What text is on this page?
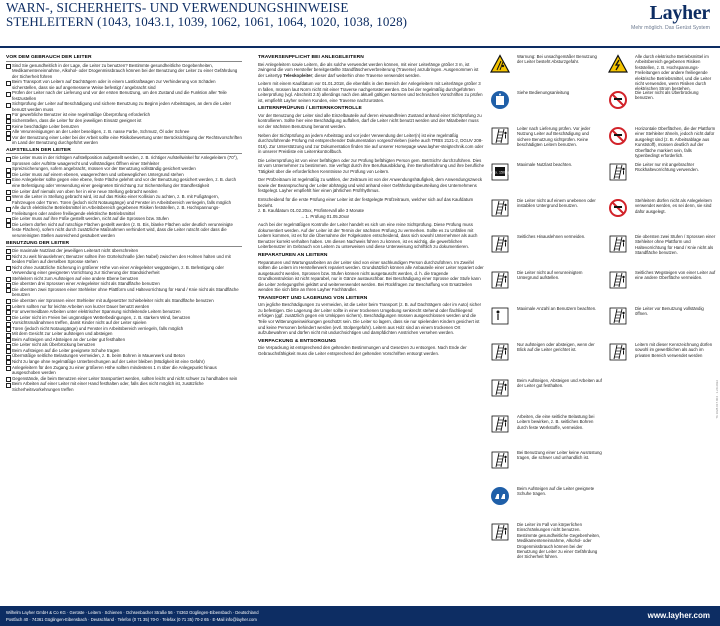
WARN-, SICHERHEITS- UND VERWENDUNGSHINWEISE
STEHLEITERN (1043, 1043.1, 1039, 1062, 1061, 1064, 1020, 1038, 1028)	Layher
Mehr möglich. Das Gerüst System
VOR DEM GEBRAUCH DER LEITER
Sind Sie gesundheitlich in der Lage, die Leiter zu benutzen? Bestimmte gesundheitliche Gegebenheiten, Medikamenteneinnahme, Alkohol- oder Drogenmissbrauch können bei der Benutzung der Leiter zu einer Gefährdung der Sicherheit führen
Beim Transport von Leitern auf Dachträgern oder in einem Lastkraftwagen zur Verhinderung von Schäden sicherstellen, dass sie auf angemessene Weise befestigt / angebracht sind
Prüfen der Leiter nach der Lieferung und vor der ersten Benutzung, um den Zustand und die Funktion aller Teile festzustellen
Sichtprüfung der Leiter auf Beschädigung und sichere Benutzung zu Beginn jeden Arbeitstages, an dem die Leiter benutzt werden muss
Für gewerbliche Benutzer ist eine regelmäßige Überprüfung erforderlich
Sicherstellen, dass die Leiter für den jeweiligen Einsatz geeignet ist
Keine beschädigte Leiter benutzen
Alle Verunreinigungen an der Leiter beseitigen, z. B. nasse Farbe, Schmutz, Öl oder Schnee
Vor der Benutzung einer Leiter bei der Arbeit sollte eine Risikobewertung unter Berücksichtigung der Rechtsvorschriften im Land der Benutzung durchgeführt werden
AUFSTELLEN DER LEITER
Die Leiter muss in der richtigen Aufstellposition aufgestellt werden, z. B. richtiger Aufstellwinkel für Anlegeleitern (70°), Sprossen oder Auftritte waagerecht und vollständiges Öffnen einer Stehleiter
Spreizsicherungen, sofern angebracht, müssen vor der Benutzung vollständig gesichert werden
Die Leiter muss auf einem ebenen, waagerechten und unbeweglichen Untergrund stehen
Eine Anlegeleiter sollte gegen eine ebene, feste Fläche gelehnt und vor der Benutzung gesichert werden, z. B. durch eine Befestigung oder Verwendung einer geeigneten Einrichtung zur Sicherstellung der Standfestigkeit
Die Leiter darf niemals von oben her in eine neue Stellung gebracht werden
Wenn die Leiter in Stellung gebracht wird, ist auf das Risiko einer Kollision zu achten, z. B. mit Fußgängern, Fahrzeugen oder Türen. Türen (jedoch nicht Notausgänge) und Fenster im Arbeitsbereich verriegeln, falls möglich
Alle durch elektrische Betriebsmittel im Arbeitsbereich gegebenen Risiken feststellen, z. B. Hochspannungs-Freileitungen oder andere freiliegende elektrische Betriebsmittel
Die Leiter muss auf ihre Füße gestellt werden, nicht auf die Sprossen bzw. Stufen
Die Leitern dürfen nicht auf rutschige Flächen gestellt werden (z. B. Eis, blanke Flächen oder deutlich verunreinigte feste Flächen), sofern nicht durch zusätzliche Maßnahmen verhindert wird, dass die Leiter rutscht oder dass die verunreinigten Stellen ausreichend gesäubert werden
BENUTZUNG DER LEITER
Die maximale Nutzlast der jeweiligen Leiterart nicht überschreiten
Nicht zu weit hinauslehnen; Benutzer sollten ihre Gürtelschnalle (den Nabel) zwischen den Holmen halten und mit beiden Füßen auf derselben Sprosse stehen
Nicht ohne zusätzliche Sicherung in größerer Höhe von einer Anlegeleiter weggsteigen, z. B. Befestigung oder Verwendung einer geeigneten Vorrichtung zur Sicherung der Standsicherheit
Stehleitern nicht zum Aufsteigen auf eine andere Ebene benutzen
Die obersten drei Sprossen einer Anlegeleiter nicht als Standfläche benutzen
Die obersten zwei Sprossen einer Stehleiter ohne Plattform und Haltevorrichtung für Hand / Knie nicht als Standfläche benutzen
Die obersten vier Sprossen einer Stehleiter mit aufgesetzter Schiebeleiter nicht als Standfläche benutzen
Leitern sollten nur für leichte Arbeiten von kurzer Dauer benutzt werden
Für unvermeidbare Arbeiten unter elektrischer Spannung nichtleitende Leitern benutzen
Die Leiter nicht im Freien bei ungünstigen Wetterbedingungen, z. B. starkem Wind, benutzen
Vorsichtsmaßnahmen treffen, damit Kinder nicht auf der Leiter spielen
Türen (jedoch nicht Notausgänge) und Fenster im Arbeitsbereich verriegeln, falls möglich
Mit dem Gesicht zur Leiter aufsteigen und absteigen
Beim Aufsteigen und Absteigen an der Leiter gut festhalten
Die Leiter nicht als Überbrückung benutzen
Beim Aufsteigen auf die Leiter geeignete Schuhe tragen
Übermäßige seitliche Belastungen vermeiden, z. B. beim Bohren in Mauerwerk und Beton
Nicht zu lange ohne regelmäßige Unterbrechungen auf der Leiter bleiben (Müdigkeit ist eine Gefahr)
Anlegeleitern für den Zugang zu einer größeren Höhe sollten mindestens 1 m über die Anlegepunkt hinaus ausgeschoben werden
Gegenstände, die beim Benutzen einer Leiter transportiert werden, sollten leicht und nicht schwer zu handhaben sein
Beim Arbeiten auf einer Leiter mit einer Hand festhalten oder, falls dies nicht möglich ist, zusätzliche Sicherheitsvorkehrungen treffen
TRAVERSENPFLICHT BEI ANLEGELEITERN
Bei Anlegeleitern sowie Leitern, die als solche verwendet werden können, mit einer Leiterlänge größer 3 m, ist zwingend die vom Hersteller bereitgestellte Standfläschenverbreiterung (Traverse) anzubringen. Ausgenommen ist der Leitertyp Teleskopleiter; dieser darf weiterhin ohne Traverse verwendet werden.
Leitern mit einem Kaufdatum vor 01.01.2018, die ebenfalls in den Bereich der Anlegeleitern mit Leiterlänge größer 3 m fallen, müssen laut Norm nicht mit einer Traverse nachgerüstet werden. Da bei der regelmäßig durchgeführten Leiterprüfung (vgl. Abschnitt 2.5) allerdings nach den aktuell gültigen Normen und technischen Vorschriften zu prüfen ist, empfiehlt Layher seinen Kunden, eine Traverse nachzurüsten.
LEITERNPRÜFUNG / LEITERNKONTROLLE
Vor der Benutzung der Leiter sind alle Einzelbauteile auf deren einwandfreien Zustand anhand einer Sichtprüfung zu kontrollieren. Sollte hier eine Beschädigung auffallen, darf die Leiter nicht benutzt werden und der Mitarbeiter muss vor der nächsten Benutzung benannt werden.
Neben der Sichtprüfung an jedem Arbeitstag und vor jeder Verwendung der Leiter(n) ist eine regelmäßig durchzuführende Prüfung mit entsprechender Dokumentation vorgeschrieben (siehe auch TRBS 2121-2, DGUV 208-016). Zur Unterstützung und zur Dokumentation finden Sie auf unserer Homepage www.layher-steigtechnik.com oder in unserer Preisliste ein Leiternkontrollbuch.
Die Leiternprüfung ist von einer befähigten oder zur Prüfung befähigten Person gem. BetrSichV durchzuführen. Dies ist vom Unternehmer zu bestimmen. Sie verfügt durch ihre Berufsausbildung, ihre Berufserfahrung und ihre berufliche Tätigkeit über die erforderlichen Kenntnisse zur Prüfung von Leitern.
Der Prüfzeitraum ist regelmäßig zu wählen, der Zeitraum ist von der Anwendungshäufigkeit, dem Anwendungszweck sowie der Beanspruchung der Leiter abhängig und wird anhand einer Gefährdungsbeurteilung des Unternehmens festgelegt. Layher empfiehlt hier einen jährlichen Prüfrhythmus.
Entscheidend für die erste Prüfung einer Leiter ist der festgelegte Prüfzeitraum, welcher sich auf das Kaufdatum bezieht.
z. B. Kaufdatum 01.02.20xx, Prüfintervall alle 3 Monate
→ 1. Prüfung 01.05.20xx!
Auch bei der regelmäßigen Kontrolle der Leiter handelt es sich um eine reine Sichtprüfung. Diese Prüfung muss dokumentiert werden. Auf der Leiter ist der Termin der nächsten Prüfung zu vermerken. Sollte es zu Unfällen mit Leitern kommen, ist es für die Übernahme der Folgekosten entscheidend, dass sich sowohl Unternehmer als auch Benutzer korrekt verhalten haben. Um diesen Nachweis führen zu können, ist es wichtig, die gewerblichen Leiterbenutzer im Gebrauch von Leitern zu unterweisen und diese Unterweisung schriftlich zu dokumentieren.
REPARATUREN AN LEITERN
Reparaturen und Wartungsarbeiten an der Leiter sind von einer sachkundigen Person durchzuführen. Im Zweifel sollten die Leitern im Herstellerwerk repariert werden. Grundsätzlich können alle Anbauteile einer Leiter repariert oder ausgetauscht werden, Sprossen bzw. Stufen können nicht ausgetauscht werden, d. h. die tragende Grundkonstruktion ist nicht reparabel, nur in Gänze austauschbar. Bei Beschädigung einer Sprosse oder Stufe kann die Leiter zerlegungsfrei geklärt und weiterverwendet werden. Bei Rückfragen zur Beschaffung von Ersatzteilen wenden Sie sich bitte an Ihren Layher Fachhändler.
TRANSPORT UND LAGERUNG VON LEITERN
Um jegliche Beschädigungen zu vermeiden, ist die Leiter beim Transport (z. B. auf Dachträgern oder im Auto) sicher zu befestigen. Die Lagerung der Leiter sollte in einer trockenen Umgebung senkrecht stehend oder flachliegend erfolgen (ggf. zusätzlich gegen ein Umkippen sichern). Beschädigungen müssen ausgeschlossen werden und die Teile vor Witterungseinwirkungen geschützt sein. Die Leiter so lagern, dass sie nur spielenden Kindern gesichert ist und keine Personen behindert werden (evtl. Stolpergefahr). Leitern aus Holz sind an einem trockenen Ort aufzubewahren und dürfen nicht mit undurchsichtigen und dampfdichten Anstrichen versehen werden.
VERPACKUNG & ENTSORGUNG
Die Verpackung ist entsprechend den geltenden Bestimmungen und Gesetzen zu entsorgen. Nach Ende der Gebrauchsfähigkeit muss die Leiter entsprechend der geltenden Vorschriften entsorgt werden.
Warnung: Bei unsachgemäßer Benutzung der Leiter besteht Absturzgefahr.
Siehe Bedienungsanleitung
Leiter nach Lieferung prüfen. Vor jeder Nutzung Leiter auf Beschädigung und sichere Benutzung sichtprüfen. Keine beschädigten Leitern benutzen.
max. 150 kg
Maximale Nutzlast beachten.
Die Leiter nicht auf einem unebenen oder instabilen Untergrund benutzen.
Seitliches Hinauslehnen vermeiden.
Die Leiter nicht auf verunreinigtem Untergrund aufstellen.
Maximale Anzahl an Benutzern beachten.
Nur aufsteigen oder absteigen, wenn der Blick auf die Leiter gerichtet ist.
Beim Aufsteigen, Absteigen und Arbeiten auf der Leiter gut festhalten.
Arbeiten, die eine seitliche Belastung bei Leitern bewirken, z. B. seitliches Bohren durch feste Werkstoffe, vermeiden.
Bei Benutzung einer Leiter keine Ausrüstung tragen, die schwer und unhandlich ist.
Beim Aufsteigen auf die Leiter geeignete Schuhe tragen.
Die Leiter im Fall von körperlichen Einschränkungen nicht benutzen. Bestimmte gesundheitliche Gegebenheiten, Medikamenteneinnahme, Alkohol- oder Drogenmissbrauch können bei der Benutzung der Leiter zu einer Gefährdung der Sicherheit führen.
Alle durch elektrische Betriebsmittel im Arbeitsbereich gegebenen Risiken feststellen, z. B. Hochspannungs-Freileitungen oder andere freiliegende elektrische Betriebsmittel, und die Leiter nicht verwenden, wenn Risiken durch elektrischen Strom bestehen.
Die Leiter nicht als Überbrückung benutzen.
Horizontale Oberflächen, die der Plattform einer Stehleiter ähneln, jedoch nicht dafür ausgelegt sind (z. B. Arbeitsablage aus Kunststoff), müssen deutlich auf der Oberfläche markiert sein, falls typenbedingt erforderlich.
Die Leiter nur mit angebrachter Rückhaltevorrichtung verwenden.
Stehleitern dürfen nicht als Anlegeleitern verwendet werden, es sei denn, sie sind dafür ausgelegt.
Die obersten zwei Stufen / Sprossen einer Stehleiter ohne Plattform und Haltevorrichtung für Hand / Knie nicht als Standfläche benutzen.
Seitliches Wegsteigen von einer Leiter auf eine andere Oberfläche vermeiden.
Die Leiter vor Benutzung vollständig öffnen.
Leitern mit dieser Kennzeichnung dürfen sowohl im gewerblichen als auch im privaten Bereich verwendet werden
Tb 1028.017.004 · 1.20.2022
Wilhelm Layher GmbH & Co KG · Gerüste · Leitern · Schienen · Ochsenbacher Straße 56 · 74363 Güglingen-Eibensbach · Deutschland
Postfach 40 · 74361 Güglingen-Eibensbach · Deutschland · Telefon (0 71 35) 70-0 · Telefax (0 71 35) 70-2 65 · E-Mail info@layher.com	www.layher.com
